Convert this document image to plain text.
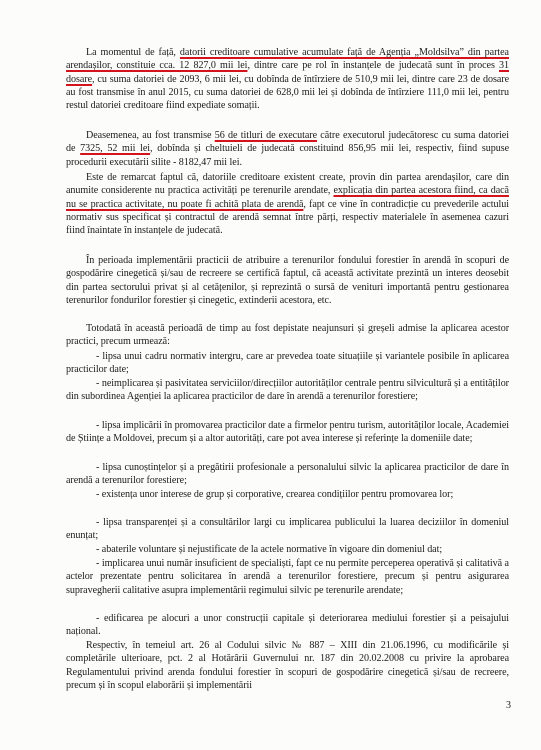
La momentul de față, datorii creditoare cumulative acumulate față de Agenția „Moldsilva” din partea arendașilor, constituie cca. 12 827,0 mii lei, dintre care pe rol în instanțele de judecată sunt în proces 31 dosare, cu suma datoriei de 2093, 6 mii lei, cu dobînda de întîrziere de 510,9 mii lei, dintre care 23 de dosare au fost transmise în anul 2015, cu suma datoriei de 628,0 mii lei și dobînda de întîrziere 111,0 mii lei, pentru restul datoriei creditoare fiind expediate somații.

Deasemenea, au fost transmise 56 de titluri de executare către executorul judecătoresc cu suma datoriei de 7325, 52 mii lei, dobînda și cheltuieli de judecată constituind 856,95 mii lei, respectiv, fiind supuse procedurii executării silite - 8182,47 mii lei.

Este de remarcat faptul că, datoriile creditoare existent create, provin din partea arendașilor, care din anumite considerente nu practica activități pe terenurile arendate, explicația din partea acestora fiind, ca dacă nu se practica activitate, nu poate fi achită plata de arendă, fapt ce vine în contradicție cu prevederile actului normativ sus specificat și contractul de arendă semnat între părți, respectiv materialele în asemenea cazuri fiind înaintate în instanțele de judecată.

În perioada implementării practicii de atribuire a terenurilor fondului forestier în arendă în scopuri de gospodărire cinegetică și/sau de recreere se certifică faptul, că această activitate prezintă un interes deosebit din partea sectorului privat și al cetățenilor, și reprezintă o sursă de venituri importantă pentru gestionarea terenurilor fondurilor forestier și cinegetic, extinderii acestora, etc.

Totodată în această perioadă de timp au fost depistate neajunsuri și greșeli admise la aplicarea acestor practici, precum urmează:

- lipsa unui cadru normativ intergru, care ar prevedea toate situațiile și variantele posibile în aplicarea practicilor date;

- neimplicarea și pasivitatea serviciilor/direcțiilor autorităților centrale pentru silvicultură și a entităților din subordinea Agenției la aplicarea practicilor de dare în arendă a terenurilor forestiere;

- lipsa implicării în promovarea practicilor date a firmelor pentru turism, autorităților locale, Academiei de Științe a Moldovei, precum și a altor autorități, care pot avea interese și referințe la domeniile date;

- lipsa cunoștințelor și a pregătirii profesionale a personalului silvic la aplicarea practicilor de dare în arendă a terenurilor forestiere;

- existența unor interese de grup și corporative, crearea condițiilor pentru promovarea lor;

- lipsa transparenței și a consultărilor largi cu implicarea publicului la luarea deciziilor în domeniul enunțat;

- abaterile voluntare și nejustificate de la actele normative în vigoare din domeniul dat;

- implicarea unui număr insuficient de specialiști, fapt ce nu permite perceperea operativă și calitativă a actelor prezentate pentru solicitarea în arendă a terenurilor forestiere, precum și pentru asigurarea supravegherii calitative asupra implementării regimului silvic pe terenurile arendate;

- edificarea pe alocuri a unor construcții capitale și deteriorarea mediului forestier și a peisajului național.

Respectiv, în temeiul art. 26 al Codului silvic № 887 – XIII din 21.06.1996, cu modificările și completările ulterioare, pct. 2 al Hotărârii Guvernului nr. 187 din 20.02.2008 cu privire la aprobarea Regulamentului privind arenda fondului forestier în scopuri de gospodărire cinegetică și/sau de recreere, precum și în scopul elaborării și implementării

3
